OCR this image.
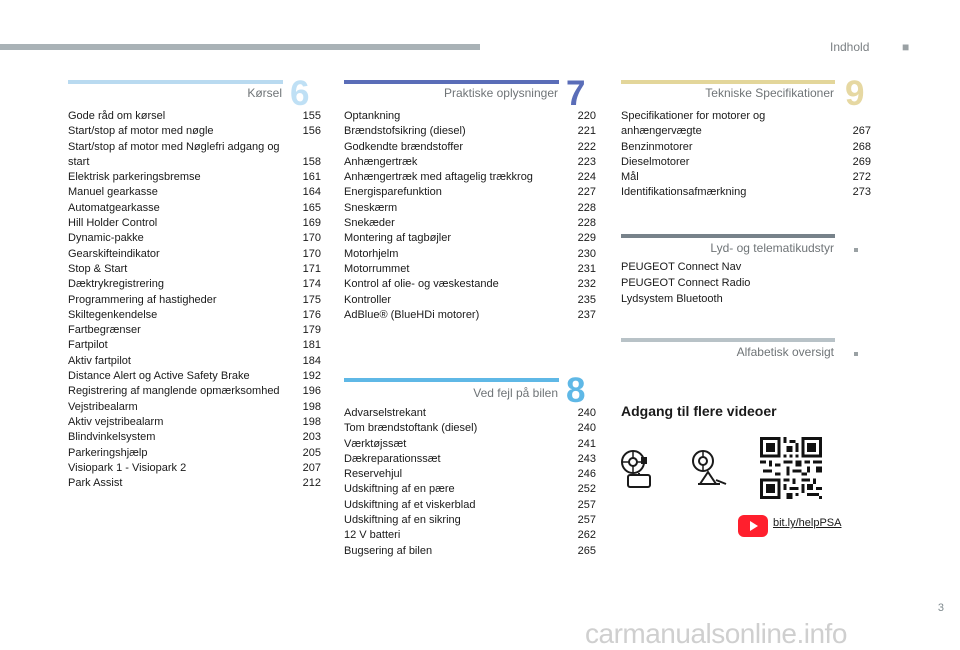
Indhold	■
Kørsel 6
Gode råd om kørsel	155
Start/stop af motor med nøgle	156
Start/stop af motor med Nøglefri adgang og start	158
Elektrisk parkeringsbremse	161
Manuel gearkasse	164
Automatgearkasse	165
Hill Holder Control	169
Dynamic-pakke	170
Gearskifteindikator	170
Stop & Start	171
Dæktrykregistrering	174
Programmering af hastigheder	175
Skiltegenkendelse	176
Fartbegrænser	179
Fartpilot	181
Aktiv fartpilot	184
Distance Alert og Active Safety Brake	192
Registrering af manglende opmærksomhed 196
Vejstribealarm	198
Aktiv vejstribealarm	198
Blindvinkelsystem	203
Parkeringshjælp	205
Visiopark 1 - Visiopark 2	207
Park Assist	212
Praktiske oplysninger 7
Optankning	220
Brændstofsikring (diesel)	221
Godkendte brændstoffer	222
Anhængertræk	223
Anhængertræk med aftagelig trækkrog	224
Energisparefunktion	227
Sneskærm	228
Snekæder	228
Montering af tagbøjler	229
Motorhjelm	230
Motorrummet	231
Kontrol af olie- og væskestande	232
Kontroller	235
AdBlue® (BlueHDi motorer)	237
Ved fejl på bilen 8
Advarselstrekant	240
Tom brændstoftank (diesel)	240
Værktøjssæt	241
Dækreparationssæt	243
Reservehjul	246
Udskiftning af en pære	252
Udskiftning af et viskerblad	257
Udskiftning af en sikring	257
12 V batteri	262
Bugsering af bilen	265
Tekniske Specifikationer 9
Specifikationer for motorer og anhængervægte	267
Benzinmotorer	268
Dieselmotorer	269
Mål	272
Identifikationsafmærkning	273
Lyd- og telematikudstyr
PEUGEOT Connect Nav
PEUGEOT Connect Radio
Lydsystem Bluetooth
Alfabetisk oversigt
Adgang til flere videoer
bit.ly/helpPSA
3
carmanualsonline.info
